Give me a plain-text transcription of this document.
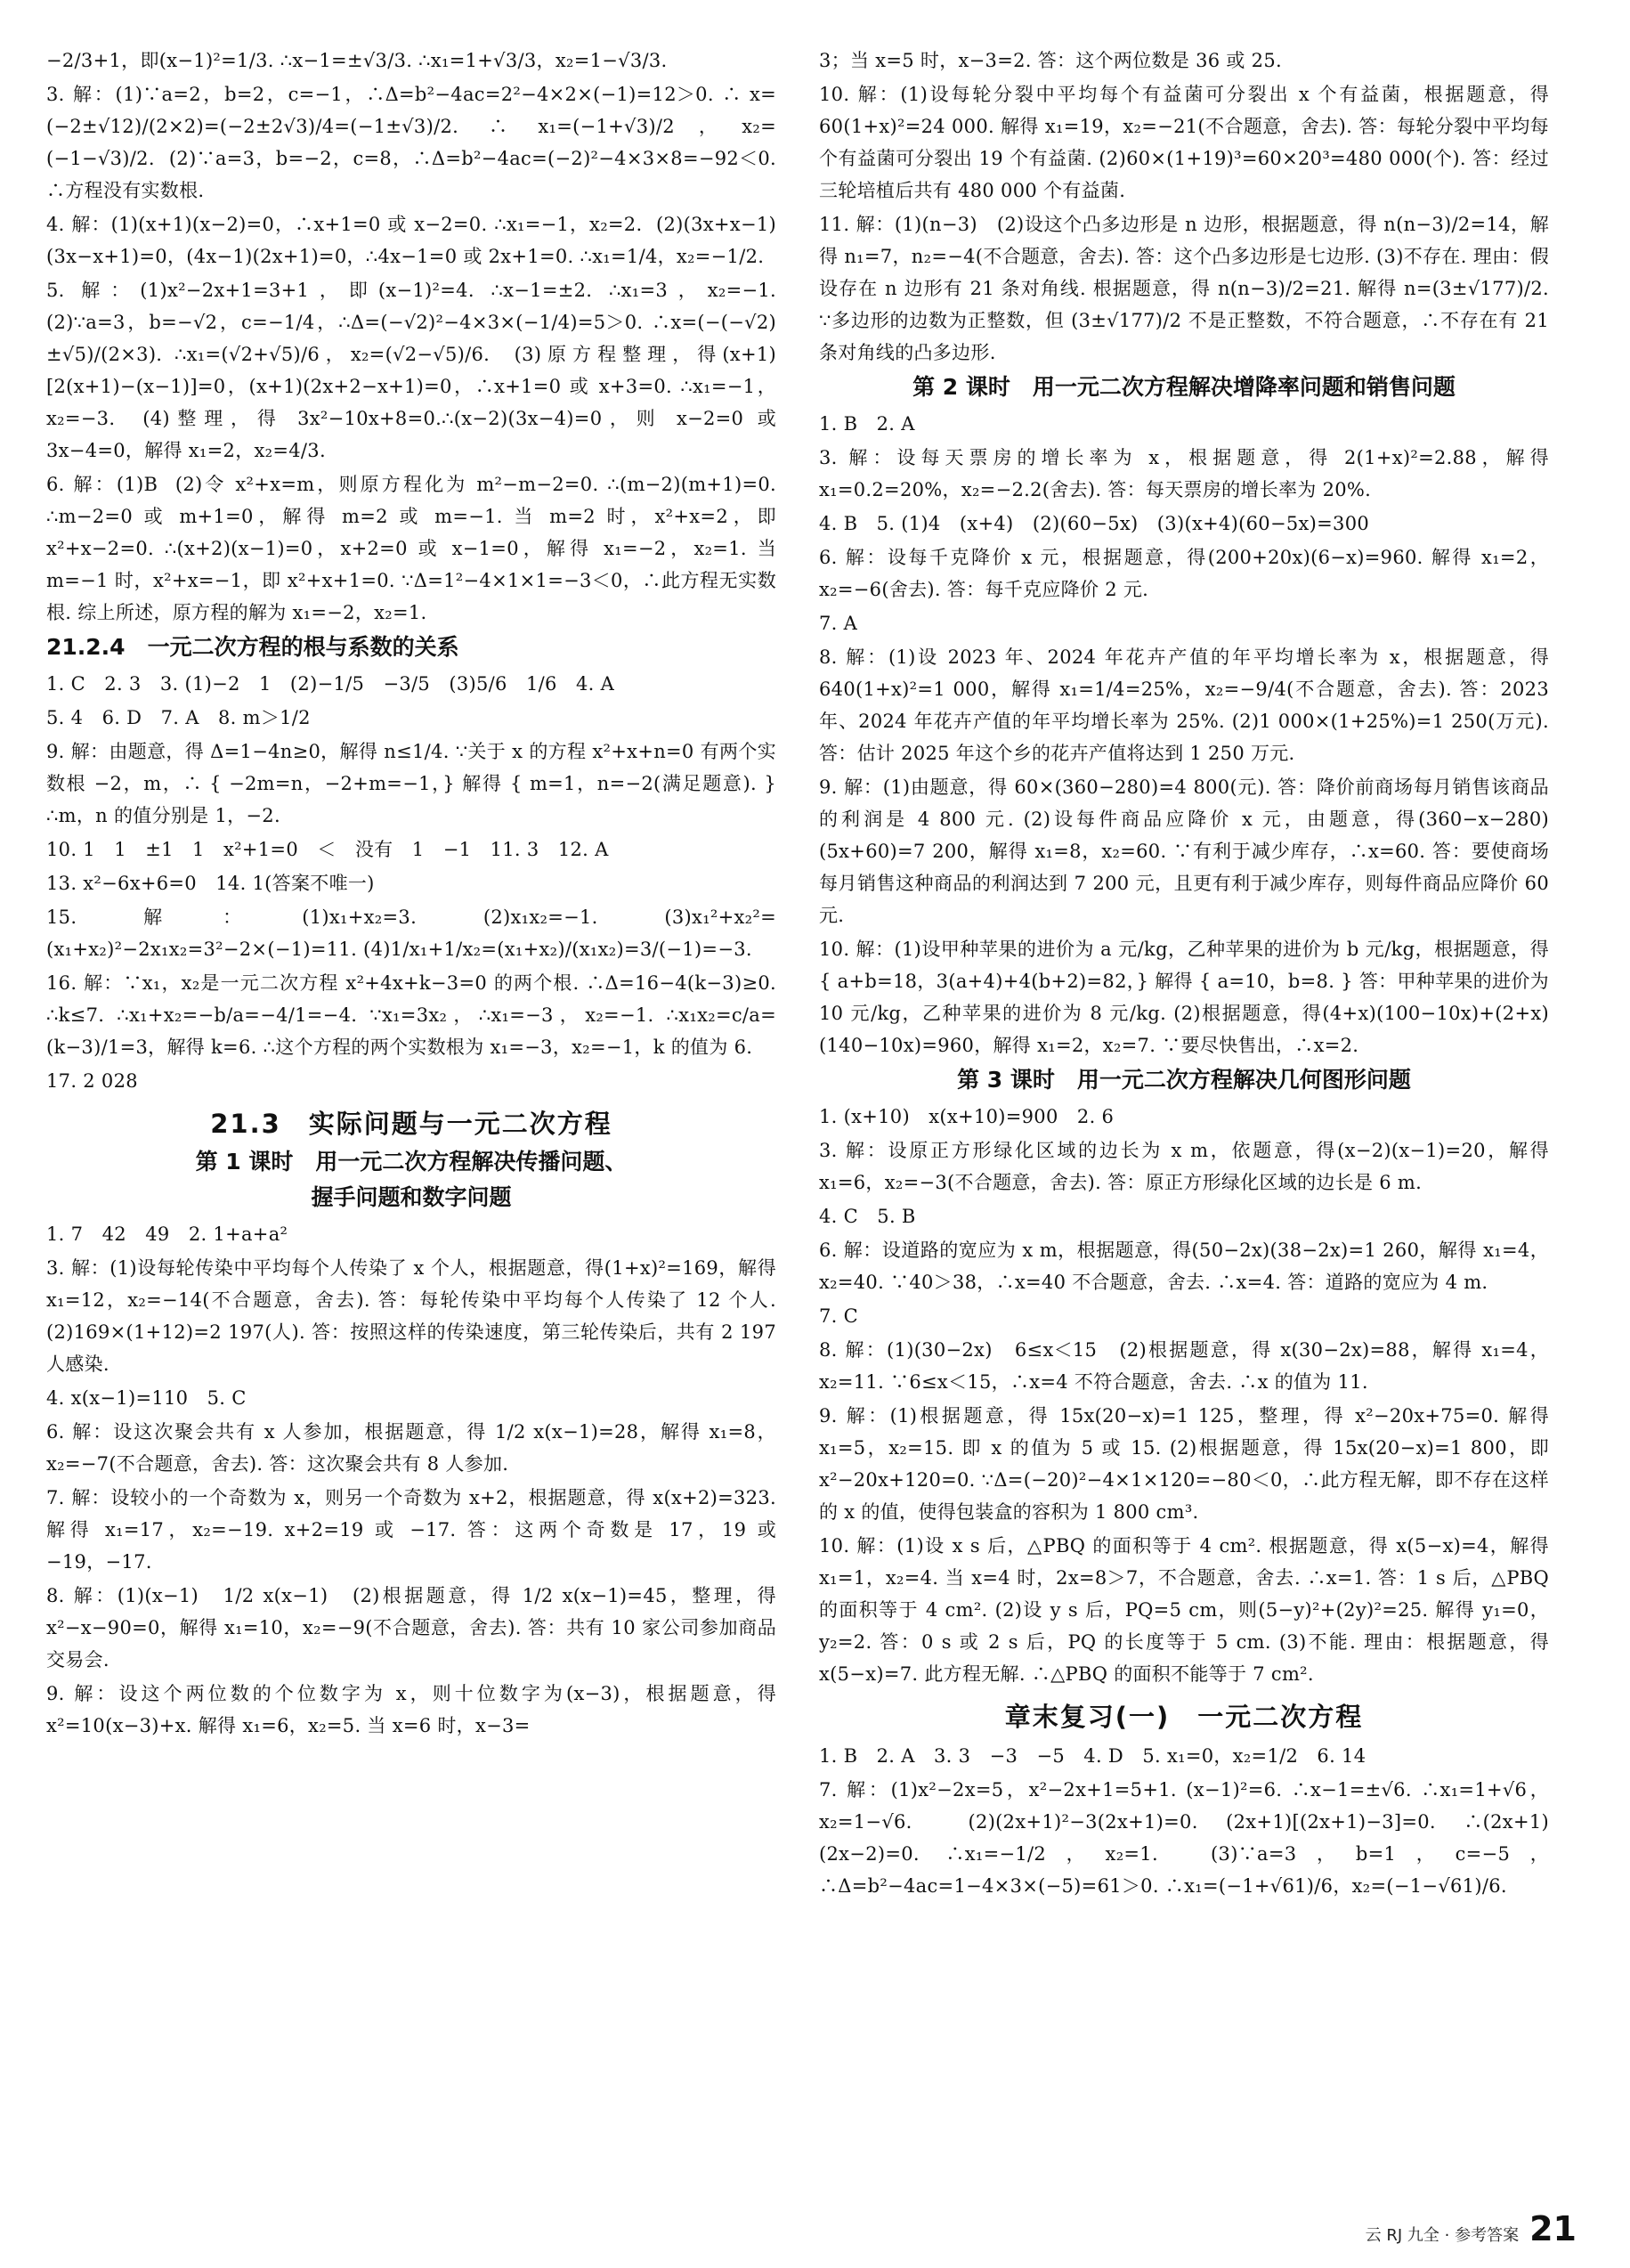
−2/3+1，即(x−1)²=1/3. ∴x−1=±√3/3. ∴x₁=1+√3/3，x₂=1−√3/3.

3. 解：(1)∵a=2，b=2，c=−1，∴Δ=b²−4ac=2²−4×2×(−1)=12＞0. ∴ x=(−2±√12)/(2×2)=(−2±2√3)/4=(−1±√3)/2. ∴ x₁=(−1+√3)/2，x₂=(−1−√3)/2.  (2)∵a=3，b=−2，c=8，∴Δ=b²−4ac=(−2)²−4×3×8=−92＜0. ∴方程没有实数根.

4. 解：(1)(x+1)(x−2)=0，∴x+1=0 或 x−2=0. ∴x₁=−1，x₂=2.  (2)(3x+x−1)(3x−x+1)=0，(4x−1)(2x+1)=0，∴4x−1=0 或 2x+1=0. ∴x₁=1/4，x₂=−1/2.

5. 解：(1)x²−2x+1=3+1，即(x−1)²=4. ∴x−1=±2. ∴x₁=3，x₂=−1.  (2)∵a=3，b=−√2，c=−1/4，∴Δ=(−√2)²−4×3×(−1/4)=5＞0. ∴x=(−(−√2)±√5)/(2×3). ∴x₁=(√2+√5)/6，x₂=(√2−√5)/6.  (3)原方程整理，得(x+1)[2(x+1)−(x−1)]=0，(x+1)(2x+2−x+1)=0，∴x+1=0 或 x+3=0. ∴x₁=−1，x₂=−3.  (4)整理，得 3x²−10x+8=0.∴(x−2)(3x−4)=0，则 x−2=0 或 3x−4=0，解得 x₁=2，x₂=4/3.

6. 解：(1)B  (2)令 x²+x=m，则原方程化为 m²−m−2=0. ∴(m−2)(m+1)=0. ∴m−2=0 或 m+1=0，解得 m=2 或 m=−1. 当 m=2 时，x²+x=2，即 x²+x−2=0. ∴(x+2)(x−1)=0，x+2=0 或 x−1=0，解得 x₁=−2，x₂=1. 当 m=−1 时，x²+x=−1，即 x²+x+1=0. ∵Δ=1²−4×1×1=−3＜0，∴此方程无实数根. 综上所述，原方程的解为 x₁=−2，x₂=1.

21.2.4　一元二次方程的根与系数的关系

1. C　2. 3　3. (1)−2　1　(2)−1/5　−3/5　(3)5/6　1/6　4. A

5. 4　6. D　7. A　8. m＞1/2

9. 解：由题意，得 Δ=1−4n≥0，解得 n≤1/4. ∵关于 x 的方程 x²+x+n=0 有两个实数根 −2，m，∴ { −2m=n，−2+m=−1，} 解得 { m=1，n=−2(满足题意). } ∴m，n 的值分别是 1，−2.

10. 1　1　±1　1　x²+1=0　＜　没有　1　−1　11. 3　12. A

13. x²−6x+6=0　14. 1(答案不唯一)

15. 解：(1)x₁+x₂=3. (2)x₁x₂=−1. (3)x₁²+x₂²=(x₁+x₂)²−2x₁x₂=3²−2×(−1)=11. (4)1/x₁+1/x₂=(x₁+x₂)/(x₁x₂)=3/(−1)=−3.

16. 解：∵x₁，x₂是一元二次方程 x²+4x+k−3=0 的两个根. ∴Δ=16−4(k−3)≥0. ∴k≤7. ∴x₁+x₂=−b/a=−4/1=−4. ∵x₁=3x₂，∴x₁=−3，x₂=−1. ∴x₁x₂=c/a=(k−3)/1=3，解得 k=6. ∴这个方程的两个实数根为 x₁=−3，x₂=−1，k 的值为 6.

17. 2 028

21.3　实际问题与一元二次方程
第 1 课时　用一元二次方程解决传播问题、
握手问题和数字问题

1. 7　42　49　2. 1+a+a²

3. 解：(1)设每轮传染中平均每个人传染了 x 个人，根据题意，得(1+x)²=169，解得 x₁=12，x₂=−14(不合题意，舍去). 答：每轮传染中平均每个人传染了 12 个人. (2)169×(1+12)=2 197(人). 答：按照这样的传染速度，第三轮传染后，共有 2 197 人感染.

4. x(x−1)=110　5. C

6. 解：设这次聚会共有 x 人参加，根据题意，得 1/2 x(x−1)=28，解得 x₁=8，x₂=−7(不合题意，舍去). 答：这次聚会共有 8 人参加.

7. 解：设较小的一个奇数为 x，则另一个奇数为 x+2，根据题意，得 x(x+2)=323. 解得 x₁=17，x₂=−19. x+2=19 或 −17. 答：这两个奇数是 17，19 或 −19，−17.

8. 解：(1)(x−1)　1/2 x(x−1)　(2)根据题意，得 1/2 x(x−1)=45，整理，得 x²−x−90=0，解得 x₁=10，x₂=−9(不合题意，舍去). 答：共有 10 家公司参加商品交易会.

9. 解：设这个两位数的个位数字为 x，则十位数字为(x−3)，根据题意，得 x²=10(x−3)+x. 解得 x₁=6，x₂=5. 当 x=6 时，x−3=

3；当 x=5 时，x−3=2. 答：这个两位数是 36 或 25.

10. 解：(1)设每轮分裂中平均每个有益菌可分裂出 x 个有益菌，根据题意，得 60(1+x)²=24 000. 解得 x₁=19，x₂=−21(不合题意，舍去). 答：每轮分裂中平均每个有益菌可分裂出 19 个有益菌. (2)60×(1+19)³=60×20³=480 000(个). 答：经过三轮培植后共有 480 000 个有益菌.

11. 解：(1)(n−3)　(2)设这个凸多边形是 n 边形，根据题意，得 n(n−3)/2=14，解得 n₁=7，n₂=−4(不合题意，舍去). 答：这个凸多边形是七边形. (3)不存在. 理由：假设存在 n 边形有 21 条对角线. 根据题意，得 n(n−3)/2=21. 解得 n=(3±√177)/2. ∵多边形的边数为正整数，但 (3±√177)/2 不是正整数，不符合题意，∴不存在有 21 条对角线的凸多边形.

第 2 课时　用一元二次方程解决增降率问题和销售问题

1. B　2. A

3. 解：设每天票房的增长率为 x，根据题意，得 2(1+x)²=2.88，解得 x₁=0.2=20%，x₂=−2.2(舍去). 答：每天票房的增长率为 20%.

4. B　5. (1)4　(x+4)　(2)(60−5x)　(3)(x+4)(60−5x)=300

6. 解：设每千克降价 x 元，根据题意，得(200+20x)(6−x)=960. 解得 x₁=2，x₂=−6(舍去). 答：每千克应降价 2 元.

7. A

8. 解：(1)设 2023 年、2024 年花卉产值的年平均增长率为 x，根据题意，得 640(1+x)²=1 000，解得 x₁=1/4=25%，x₂=−9/4(不合题意，舍去). 答：2023 年、2024 年花卉产值的年平均增长率为 25%. (2)1 000×(1+25%)=1 250(万元). 答：估计 2025 年这个乡的花卉产值将达到 1 250 万元.

9. 解：(1)由题意，得 60×(360−280)=4 800(元). 答：降价前商场每月销售该商品的利润是 4 800 元. (2)设每件商品应降价 x 元，由题意，得(360−x−280)(5x+60)=7 200，解得 x₁=8，x₂=60. ∵有利于减少库存，∴x=60. 答：要使商场每月销售这种商品的利润达到 7 200 元，且更有利于减少库存，则每件商品应降价 60 元.

10. 解：(1)设甲种苹果的进价为 a 元/kg，乙种苹果的进价为 b 元/kg，根据题意，得 { a+b=18，3(a+4)+4(b+2)=82，} 解得 { a=10，b=8. } 答：甲种苹果的进价为 10 元/kg，乙种苹果的进价为 8 元/kg. (2)根据题意，得(4+x)(100−10x)+(2+x)(140−10x)=960，解得 x₁=2，x₂=7. ∵要尽快售出，∴x=2.

第 3 课时　用一元二次方程解决几何图形问题

1. (x+10)　x(x+10)=900　2. 6

3. 解：设原正方形绿化区域的边长为 x m，依题意，得(x−2)(x−1)=20，解得 x₁=6，x₂=−3(不合题意，舍去). 答：原正方形绿化区域的边长是 6 m.

4. C　5. B

6. 解：设道路的宽应为 x m，根据题意，得(50−2x)(38−2x)=1 260，解得 x₁=4，x₂=40. ∵40＞38，∴x=40 不合题意，舍去. ∴x=4. 答：道路的宽应为 4 m.

7. C

8. 解：(1)(30−2x)　6≤x＜15　(2)根据题意，得 x(30−2x)=88，解得 x₁=4，x₂=11. ∵6≤x＜15，∴x=4 不符合题意，舍去. ∴x 的值为 11.

9. 解：(1)根据题意，得 15x(20−x)=1 125，整理，得 x²−20x+75=0. 解得 x₁=5，x₂=15. 即 x 的值为 5 或 15. (2)根据题意，得 15x(20−x)=1 800，即 x²−20x+120=0. ∵Δ=(−20)²−4×1×120=−80＜0，∴此方程无解，即不存在这样的 x 的值，使得包装盒的容积为 1 800 cm³.

10. 解：(1)设 x s 后，△PBQ 的面积等于 4 cm². 根据题意，得 x(5−x)=4，解得 x₁=1，x₂=4. 当 x=4 时，2x=8＞7，不合题意，舍去. ∴x=1. 答：1 s 后，△PBQ 的面积等于 4 cm². (2)设 y s 后，PQ=5 cm，则(5−y)²+(2y)²=25. 解得 y₁=0，y₂=2. 答：0 s 或 2 s 后，PQ 的长度等于 5 cm. (3)不能. 理由：根据题意，得 x(5−x)=7. 此方程无解. ∴△PBQ 的面积不能等于 7 cm².

章末复习(一)　一元二次方程

1. B　2. A　3. 3　−3　−5　4. D　5. x₁=0，x₂=1/2　6. 14

7. 解：(1)x²−2x=5，x²−2x+1=5+1. (x−1)²=6. ∴x−1=±√6. ∴x₁=1+√6，x₂=1−√6.  (2)(2x+1)²−3(2x+1)=0. (2x+1)[(2x+1)−3]=0. ∴(2x+1)(2x−2)=0. ∴x₁=−1/2，x₂=1.  (3)∵a=3，b=1，c=−5，∴Δ=b²−4ac=1−4×3×(−5)=61＞0. ∴x₁=(−1+√61)/6，x₂=(−1−√61)/6.

云 RJ 九全 · 参考答案 21
